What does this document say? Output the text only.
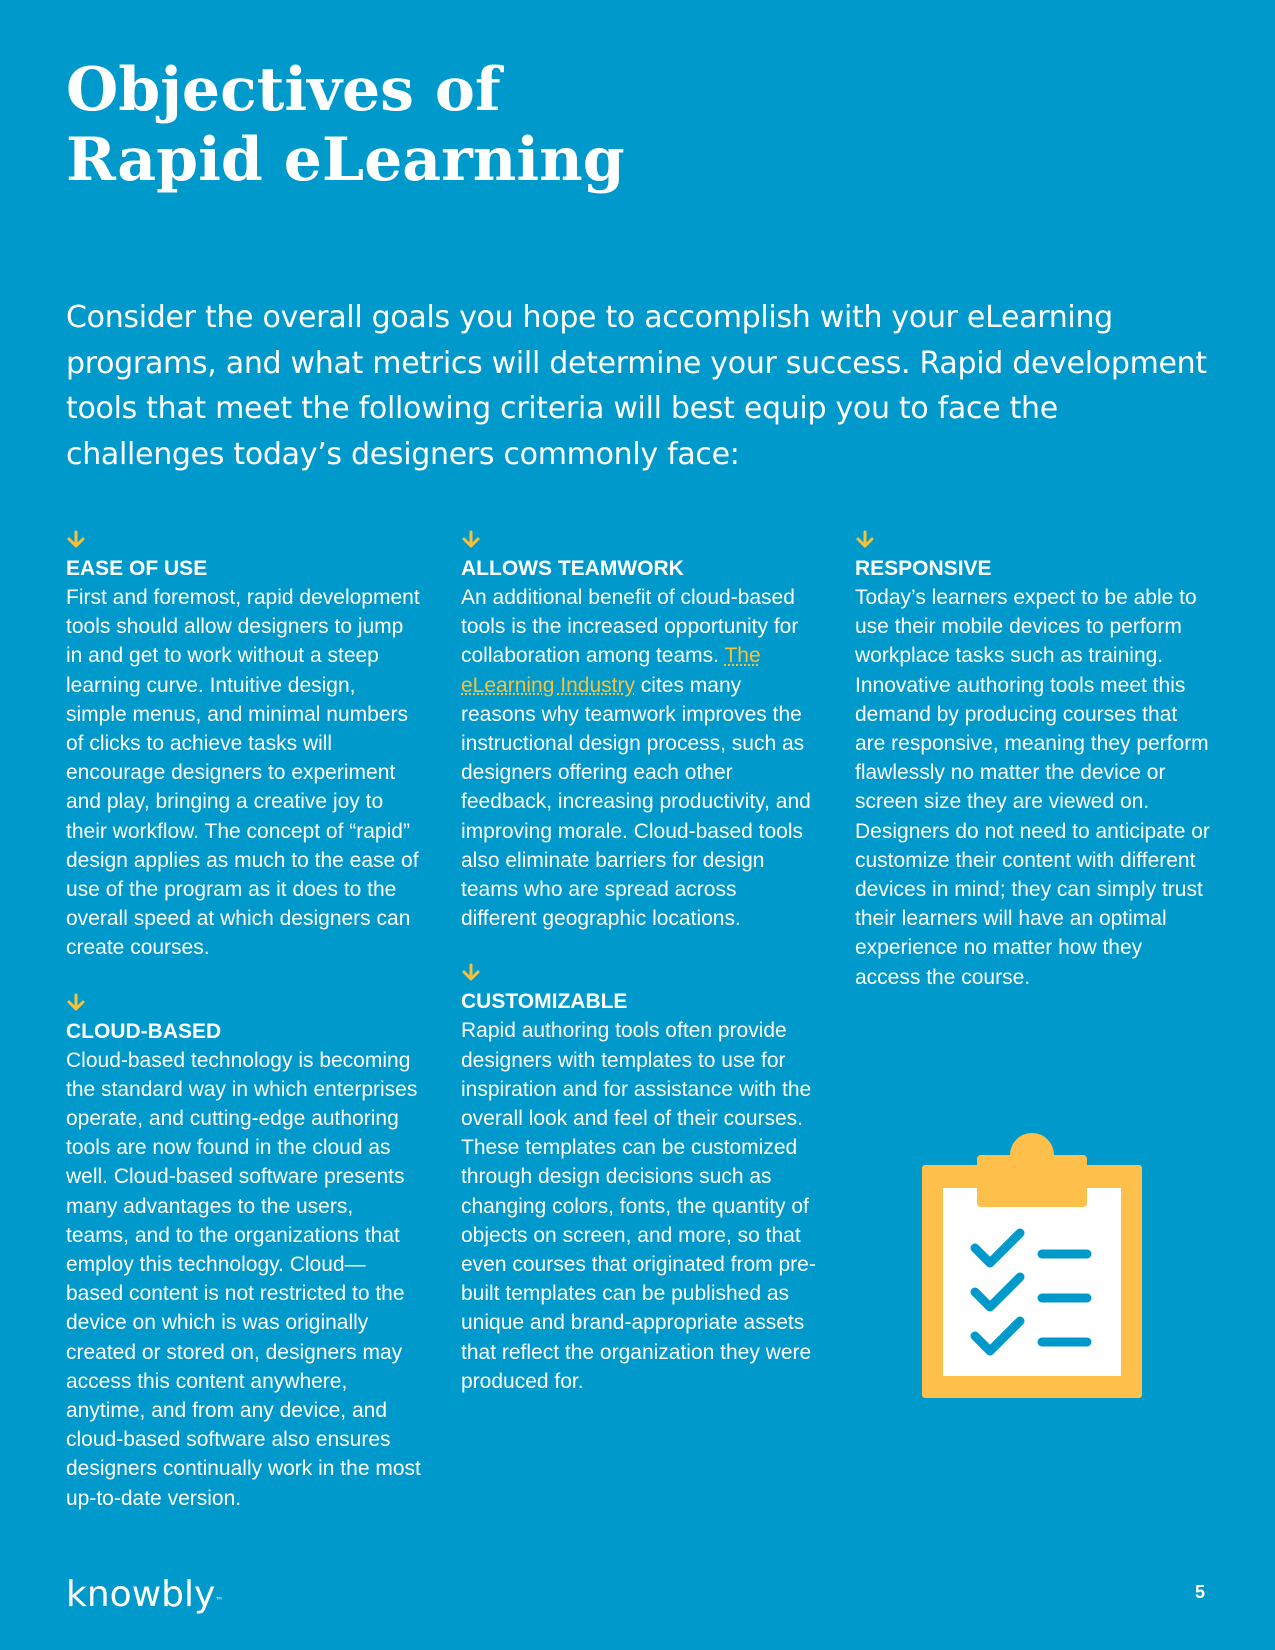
Objectives of
Rapid eLearning

Consider the overall goals you hope to accomplish with your eLearning programs, and what metrics will determine your success. Rapid development tools that meet the following criteria will best equip you to face the challenges today’s designers commonly face:

EASE OF USE

First and foremost, rapid development tools should allow designers to jump in and get to work without a steep learning curve. Intuitive design, simple menus, and minimal numbers of clicks to achieve tasks will encourage designers to experiment and play, bringing a creative joy to their workflow. The concept of “rapid” design applies as much to the ease of use of the program as it does to the overall speed at which designers can create courses.

CLOUD-BASED

Cloud-based technology is becoming the standard way in which enterprises operate, and cutting-edge authoring tools are now found in the cloud as well. Cloud-based software presents many advantages to the users, teams, and to the organizations that employ this technology. Cloud—based content is not restricted to the device on which is was originally created or stored on, designers may access this content anywhere, anytime, and from any device, and cloud-based software also ensures designers continually work in the most up-to-date version.

ALLOWS TEAMWORK

An additional benefit of cloud-based tools is the increased opportunity for collaboration among teams. The eLearning Industry cites many reasons why teamwork improves the instructional design process, such as designers offering each other feedback, increasing productivity, and improving morale. Cloud-based tools also eliminate barriers for design teams who are spread across different geographic locations.

CUSTOMIZABLE

Rapid authoring tools often provide designers with templates to use for inspiration and for assistance with the overall look and feel of their courses. These templates can be customized through design decisions such as changing colors, fonts, the quantity of objects on screen, and more, so that even courses that originated from pre-built templates can be published as unique and brand-appropriate assets that reflect the organization they were produced for.

RESPONSIVE

Today’s learners expect to be able to use their mobile devices to perform workplace tasks such as training. Innovative authoring tools meet this demand by producing courses that are responsive, meaning they perform flawlessly no matter the device or screen size they are viewed on. Designers do not need to anticipate or customize their content with different devices in mind; they can simply trust their learners will have an optimal experience no matter how they access the course.

knowbly™	5
